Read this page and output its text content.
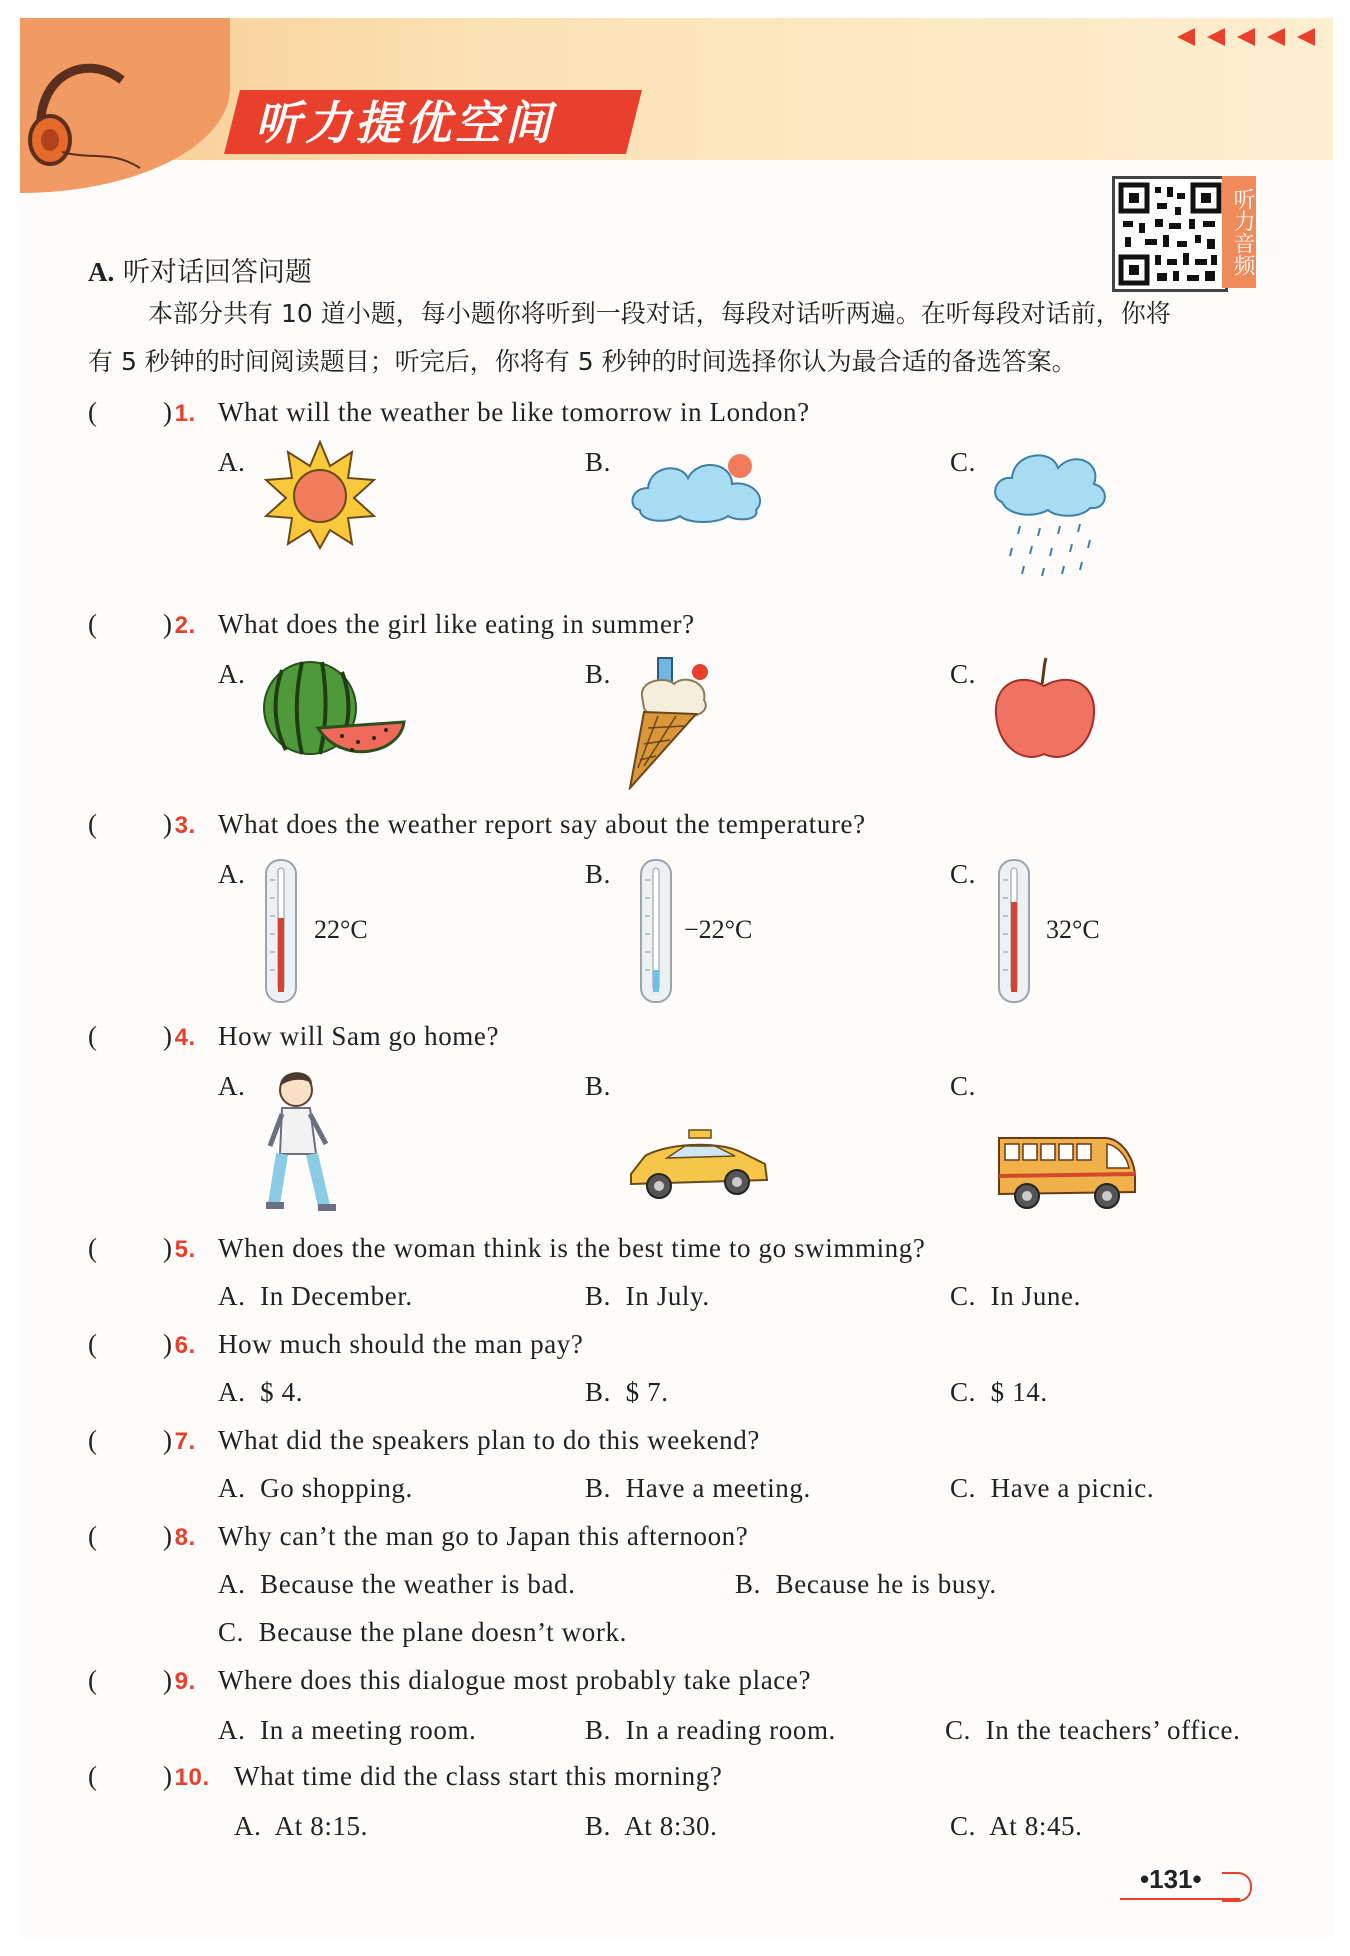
听力提优空间
听力音频
A. 听对话回答问题
本部分共有 10 道小题，每小题你将听到一段对话，每段对话听两遍。在听每段对话前，你将
有 5 秒钟的时间阅读题目；听完后，你将有 5 秒钟的时间选择你认为最合适的备选答案。
(	) 1. What will the weather be like tomorrow in London?
A.	B.	C.
(	) 2. What does the girl like eating in summer?
A.	B.	C.
(	) 3. What does the weather report say about the temperature?
A.	B.	C.
22°C	−22°C	32°C
(	) 4. How will Sam go home?
A.	B.	C.
(	) 5. When does the woman think is the best time to go swimming?
A. In December.	B. In July.	C. In June.
(	) 6. How much should the man pay?
A. $ 4.	B. $ 7.	C. $ 14.
(	) 7. What did the speakers plan to do this weekend?
A. Go shopping.	B. Have a meeting.	C. Have a picnic.
(	) 8. Why can’t the man go to Japan this afternoon?
A. Because the weather is bad.	B. Because he is busy.
C. Because the plane doesn’t work.
(	) 9. Where does this dialogue most probably take place?
A. In a meeting room.	B. In a reading room.	C. In the teachers’ office.
(	) 10. What time did the class start this morning?
A. At 8:15.	B. At 8:30.	C. At 8:45.
•131•
